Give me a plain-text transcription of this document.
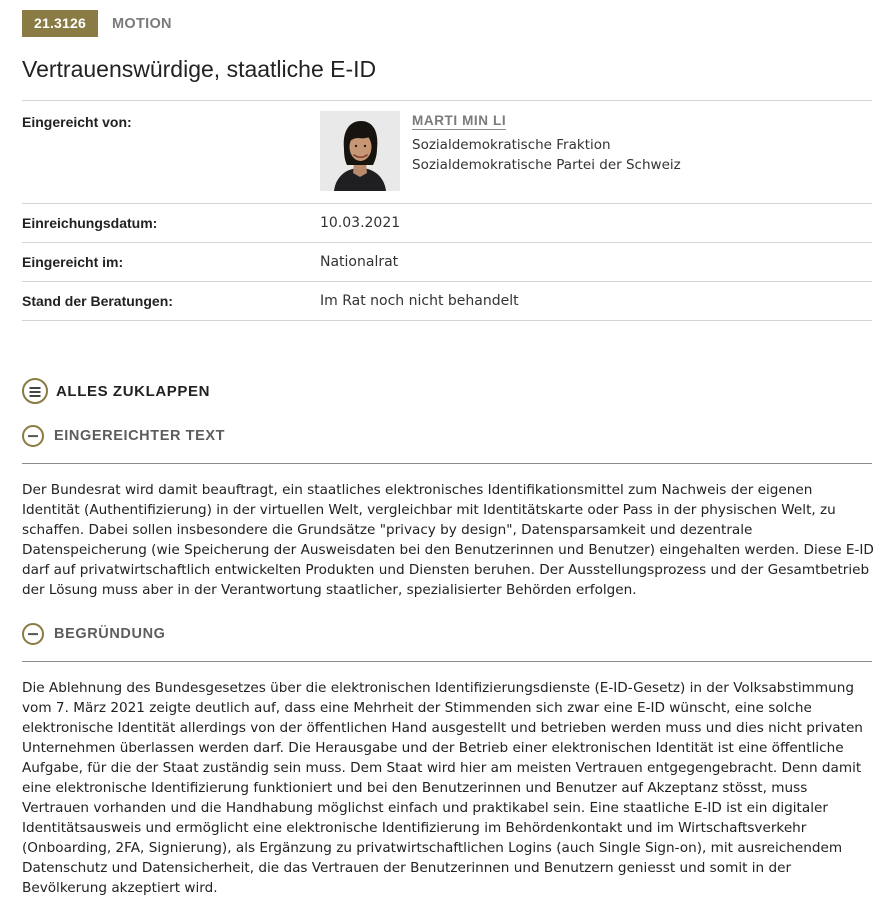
21.3126	MOTION
Vertrauenswürdige, staatliche E-ID
Eingereicht von:	MARTI MIN LI
Sozialdemokratische Fraktion
Sozialdemokratische Partei der Schweiz
Einreichungsdatum:	10.03.2021
Eingereicht im:	Nationalrat
Stand der Beratungen:	Im Rat noch nicht behandelt
ALLES ZUKLAPPEN
EINGEREICHTER TEXT

Der Bundesrat wird damit beauftragt, ein staatliches elektronisches Identifikationsmittel zum Nachweis der eigenen Identität (Authentifizierung) in der virtuellen Welt, vergleichbar mit Identitätskarte oder Pass in der physischen Welt, zu schaffen. Dabei sollen insbesondere die Grundsätze "privacy by design", Datensparsamkeit und dezentrale Datenspeicherung (wie Speicherung der Ausweisdaten bei den Benutzerinnen und Benutzer) eingehalten werden. Diese E-ID darf auf privatwirtschaftlich entwickelten Produkten und Diensten beruhen. Der Ausstellungsprozess und der Gesamtbetrieb der Lösung muss aber in der Verantwortung staatlicher, spezialisierter Behörden erfolgen.

BEGRÜNDUNG

Die Ablehnung des Bundesgesetzes über die elektronischen Identifizierungsdienste (E-ID-Gesetz) in der Volksabstimmung vom 7. März 2021 zeigte deutlich auf, dass eine Mehrheit der Stimmenden sich zwar eine E-ID wünscht, eine solche elektronische Identität allerdings von der öffentlichen Hand ausgestellt und betrieben werden muss und dies nicht privaten Unternehmen überlassen werden darf. Die Herausgabe und der Betrieb einer elektronischen Identität ist eine öffentliche Aufgabe, für die der Staat zuständig sein muss. Dem Staat wird hier am meisten Vertrauen entgegengebracht. Denn damit eine elektronische Identifizierung funktioniert und bei den Benutzerinnen und Benutzer auf Akzeptanz stösst, muss Vertrauen vorhanden und die Handhabung möglichst einfach und praktikabel sein. Eine staatliche E-ID ist ein digitaler Identitätsausweis und ermöglicht eine elektronische Identifizierung im Behördenkontakt und im Wirtschaftsverkehr (Onboarding, 2FA, Signierung), als Ergänzung zu privatwirtschaftlichen Logins (auch Single Sign-on), mit ausreichendem Datenschutz und Datensicherheit, die das Vertrauen der Benutzerinnen und Benutzern geniesst und somit in der Bevölkerung akzeptiert wird.
